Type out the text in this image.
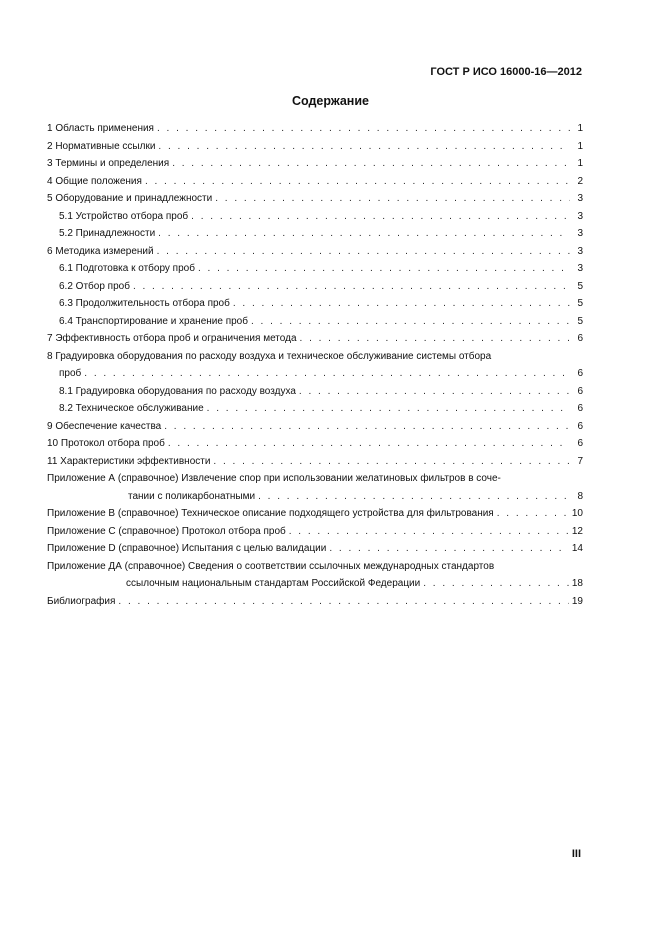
ГОСТ Р ИСО 16000-16—2012
Содержание
1 Область применения . . .	1
2 Нормативные ссылки . . .	1
3 Термины и определения . . .	1
4 Общие положения . . .	2
5 Оборудование и принадлежности . . .	3
5.1 Устройство отбора проб . . .	3
5.2 Принадлежности . . .	3
6 Методика измерений . . .	3
6.1 Подготовка к отбору проб . . .	3
6.2 Отбор проб . . .	5
6.3 Продолжительность отбора проб . . .	5
6.4 Транспортирование и хранение проб . . .	5
7 Эффективность отбора проб и ограничения метода . . .	6
8 Градуировка оборудования по расходу воздуха и техническое обслуживание системы отбора
проб . . .	6
8.1 Градуировка оборудования по расходу воздуха . . .	6
8.2 Техническое обслуживание . . .	6
9 Обеспечение качества . . .	6
10 Протокол отбора проб . . .	6
11 Характеристики эффективности . . .	7
Приложение А (справочное) Извлечение спор при использовании желатиновых фильтров в соче-
тании с поликарбонатными . . .	8
Приложение В (справочное) Техническое описание подходящего устройства для фильтрования . . .	10
Приложение С (справочное) Протокол отбора проб . . .	12
Приложение D (справочное) Испытания с целью валидации . . .	14
Приложение ДА (справочное) Сведения о соответствии ссылочных международных стандартов
ссылочным национальным стандартам Российской Федерации . . .	18
Библиография . . .	19
III
